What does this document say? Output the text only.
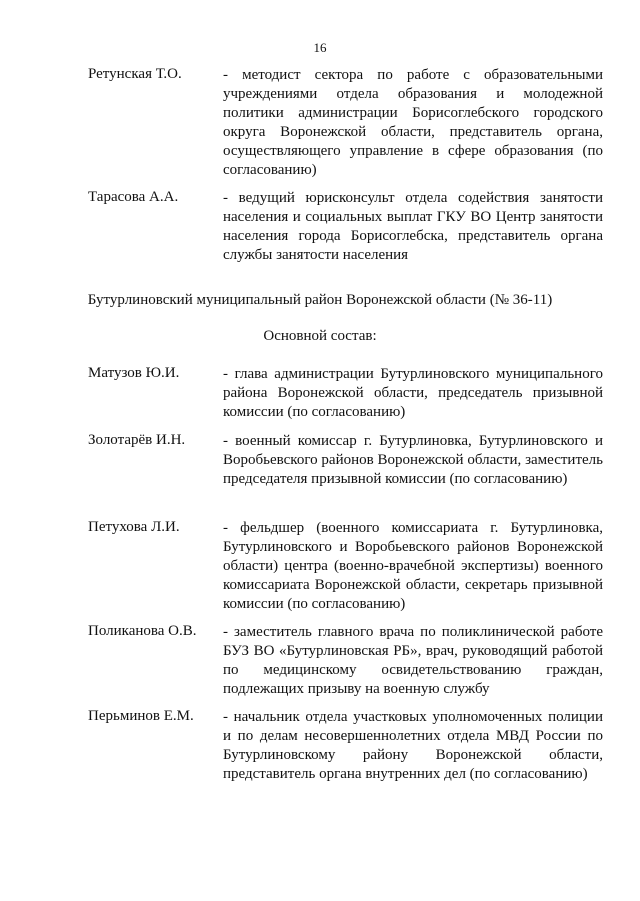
16
Ретунская Т.О.	- методист сектора по работе с образовательными учреждениями отдела образования и молодежной политики администрации Борисоглебского городского округа Воронежской области, представитель органа, осуществляющего управление в сфере образования (по согласованию)
Тарасова А.А.	- ведущий юрисконсульт отдела содействия занятости населения и социальных выплат ГКУ ВО Центр занятости населения города Борисоглебска, представитель органа службы занятости населения
Бутурлиновский муниципальный район Воронежской области (№ 36-11)
Основной состав:
Матузов Ю.И.	- глава администрации Бутурлиновского муниципального района Воронежской области, председатель призывной комиссии (по согласованию)
Золотарёв И.Н.	- военный комиссар г. Бутурлиновка, Бутурлиновского и Воробьевского районов Воронежской области, заместитель председателя призывной комиссии (по согласованию)
Петухова Л.И.	- фельдшер (военного комиссариата г. Бутурлиновка, Бутурлиновского и Воробьевского районов Воронежской области) центра (военно-врачебной экспертизы) военного комиссариата Воронежской области, секретарь призывной комиссии (по согласованию)
Поликанова О.В. - заместитель главного врача по поликлинической работе БУЗ ВО «Бутурлиновская РБ», врач, руководящий работой по медицинскому освидетельствованию граждан, подлежащих призыву на военную службу
Перьминов Е.М. - начальник отдела участковых уполномоченных полиции и по делам несовершеннолетних отдела МВД России по Бутурлиновскому району Воронежской области, представитель органа внутренних дел (по согласованию)
